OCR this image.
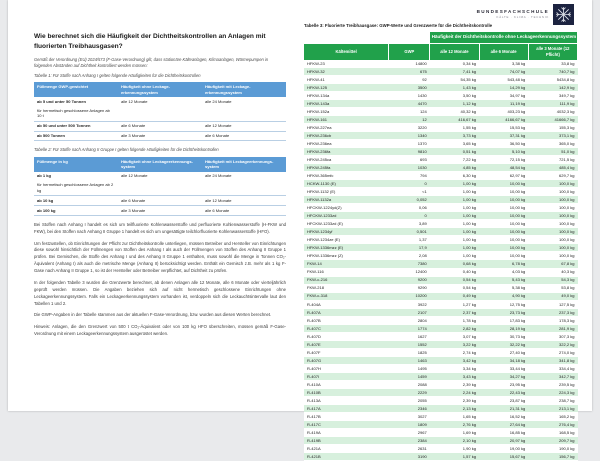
BUNDESFACHSCHULE
KÄLTE · KLIMA · TECHNIK
Wie berechnet sich die Häufigkeit der Dichtheitskontrollen an Anlagen mit fluorierten Treibhausgasen?

Gemäß der Verordnung (EU) 2024/573 (F-Gase-Verordnung) gilt, dass stationäre Kälteanlagen, Klimaanlagen, Wärmepumpen in folgenden Abständen auf Dichtheit kontrolliert werden müssen:

Tabelle 1: Für Stoffe nach Anhang I gelten folgende Häufigkeiten für die Dichtheitskontrollen

Füllmenge GWP-gewichtet	Häufigkeit ohne Leckage-erkennungssystem	Häufigkeit mit Leckage-erkennungssystem
ab 5 und unter 50 Tonnen	alle 12 Monate	alle 24 Monate
für hermetisch geschlossene Anlagen ab 10 t		
ab 50 und unter 500 Tonnen	alle 6 Monate	alle 12 Monate
ab 500 Tonnen	alle 3 Monate	alle 6 Monate

Tabelle 2: Für Stoffe nach Anhang II Gruppe I gelten folgende Häufigkeiten für die Dichtheitskontrollen

Füllmenge in kg	Häufigkeit ohne Leckageerkennungs-system	Häufigkeit mit Leckageerkennungs-system
ab 1 kg	alle 12 Monate	alle 24 Monate
für hermetisch geschlossene Anlagen ab 2 kg		
ab 10 kg	alle 6 Monate	alle 12 Monate
ab 100 kg	alle 3 Monate	alle 6 Monate

Bei Stoffen nach Anhang I handelt es sich um teilfluorierte Kohlenwasserstoffe und perfluorierte Kohlenwasserstoffe (H-FKW und FKW), bei den Stoffen nach Anhang II Gruppe 1 handelt es sich um ungesättigte teilchlorfluorierte Kohlenwasserstoffe (HFO).

Um festzustellen, ob Einrichtungen der Pflicht zur Dichtheitskontrolle unterliegen, müssen Betreiber und Hersteller von Einrichtungen diese sowohl hinsichtlich der Füllmengen von Stoffen des Anhang I als auch der Füllmengen von Stoffen des Anhang II Gruppe 1 prüfen. Bei Gemischen, die Stoffe des Anhang I und des Anhang II Gruppe 1 enthalten, muss sowohl die Menge in Tonnen CO₂-Äquivalent (Anhang I) als auch die metrische Menge (Anhang II) berücksichtigt werden. Enthält ein Gemisch z.B. mehr als 1 kg F-Gase nach Anhang II Gruppe 1, so ist der Hersteller oder Betreiber verpflichtet, auf Dichtheit zu prüfen.

In der folgenden Tabelle 3 wurden die Grenzwerte berechnet, ab denen Anlagen alle 12 Monate, alle 6 Monate oder vierteljährlich geprüft werden müssen. Die Angaben beziehen sich auf nicht hermetisch geschlossene Einrichtungen ohne Leckageerkennungssystem. Falls ein Leckageerkennungssystem vorhanden ist, verdoppeln sich die Leckauchtsintervalle laut den Tabellen 1 und 2.

Die GWP-Angaben in der Tabelle stammen aus der aktuellen F-Gase-Verordnung, bzw. wurden aus diesen Werten berechnet.

Hinweis: Anlagen, die den Grenzwert von 500 t CO₂-Äquivalent oder von 100 kg HFO überschreiten, müssen gemäß F-Gase-Verordnung mit einem Leckageerkennungssystem ausgerüstet werden.

Tabelle 3: Fluorierte Treibhausgase: GWP-Werte und Grenzwerte für die Dichtheitskontrolle
		Häufigkeit der Dichtheitskontrolle ohne Leckageerkennungssystem		
Kältemittel	GWP	alle 12 Monate	alle 6 Monate	alle 3 Monate (12 Pflicht)
HFKW-23	14800	0,34 kg	3,38 kg	33,8 kg
HFKW-32	675	7,41 kg	74,07 kg	740,7 kg
HFKW-41	92	54,35 kg	543,48 kg	5434,8 kg
HFKW-125	3500	1,43 kg	14,29 kg	142,9 kg
HFKW-134a	1430	3,50 kg	34,97 kg	349,7 kg
HFKW-143a	4470	1,12 kg	11,19 kg	111,9 kg
HFKW-152a	124	40,32 kg	403,23 kg	4032,3 kg
HFKW-161	12	416,67 kg	4166,67 kg	41666,7 kg
HFKW-227ea	3220	1,55 kg	15,53 kg	155,3 kg
HFKW-236cb	1340	3,73 kg	37,31 kg	373,1 kg
HFKW-236ea	1370	3,65 kg	36,50 kg	365,0 kg
HFKW-236fa	9810	0,51 kg	5,10 kg	51,0 kg
HFKW-245ca	693	7,22 kg	72,15 kg	721,5 kg
HFKW-245fa	1030	4,85 kg	48,54 kg	485,4 kg
HFKW-365mfc	794	6,30 kg	62,97 kg	629,7 kg
HCKW-1130 (E)	0	1,00 kg	10,00 kg	100,0 kg
HFKW-1132 (E)	<1	1,00 kg	10,00 kg	100,0 kg
HFKW-1132a	0,052	1,00 kg	10,00 kg	100,0 kg
HFCKW-1224yd(Z)	0,06	1,00 kg	10,00 kg	100,0 kg
HFCKW-1233zd	0	1,00 kg	10,00 kg	100,0 kg
HFCKW-1233zd (E)	3,89	1,00 kg	10,00 kg	100,0 kg
HFKW-1234yf	0,501	1,00 kg	10,00 kg	100,0 kg
HFKW-1234ze (E)	1,37	1,00 kg	10,00 kg	100,0 kg
HFKW-1336mzz (E)	17,9	1,00 kg	10,00 kg	100,0 kg
HFKW-1336mzz (Z)	2,08	1,00 kg	10,00 kg	100,0 kg
FKW-14	7380	0,68 kg	6,78 kg	67,8 kg
FKW-116	12400	0,40 kg	4,03 kg	40,3 kg
FKW-c-216	9200	0,54 kg	5,43 kg	54,3 kg
FKW-218	9290	0,54 kg	5,38 kg	53,8 kg
FKW-c-318	10200	0,49 kg	4,90 kg	49,0 kg
R-404A	3922	1,27 kg	12,75 kg	127,5 kg
R-407A	2107	2,37 kg	23,73 kg	237,3 kg
R-407B	2804	1,78 kg	17,83 kg	178,3 kg
R-407C	1774	2,82 kg	28,19 kg	281,9 kg
R-407D	1627	3,07 kg	30,73 kg	307,3 kg
R-407E	1552	3,22 kg	32,22 kg	322,2 kg
R-407F	1825	2,74 kg	27,40 kg	274,0 kg
R-407G	1463	3,42 kg	34,18 kg	341,8 kg
R-407H	1495	3,34 kg	33,44 kg	334,4 kg
R-407I	1459	3,43 kg	34,27 kg	342,7 kg
R-410A	2088	2,39 kg	23,95 kg	239,5 kg
R-410B	2229	2,24 kg	22,43 kg	224,3 kg
R-413A	2055	2,39 kg	23,87 kg	238,7 kg
R-417A	2346	2,13 kg	21,31 kg	213,1 kg
R-417B	3027	1,65 kg	16,52 kg	165,2 kg
R-417C	1809	2,76 kg	27,64 kg	276,4 kg
R-419A	2967	1,69 kg	16,85 kg	168,5 kg
R-419B	2384	2,10 kg	20,97 kg	209,7 kg
R-421A	2631	1,90 kg	19,00 kg	190,0 kg
R-421B	3190	1,57 kg	15,67 kg	156,7 kg
